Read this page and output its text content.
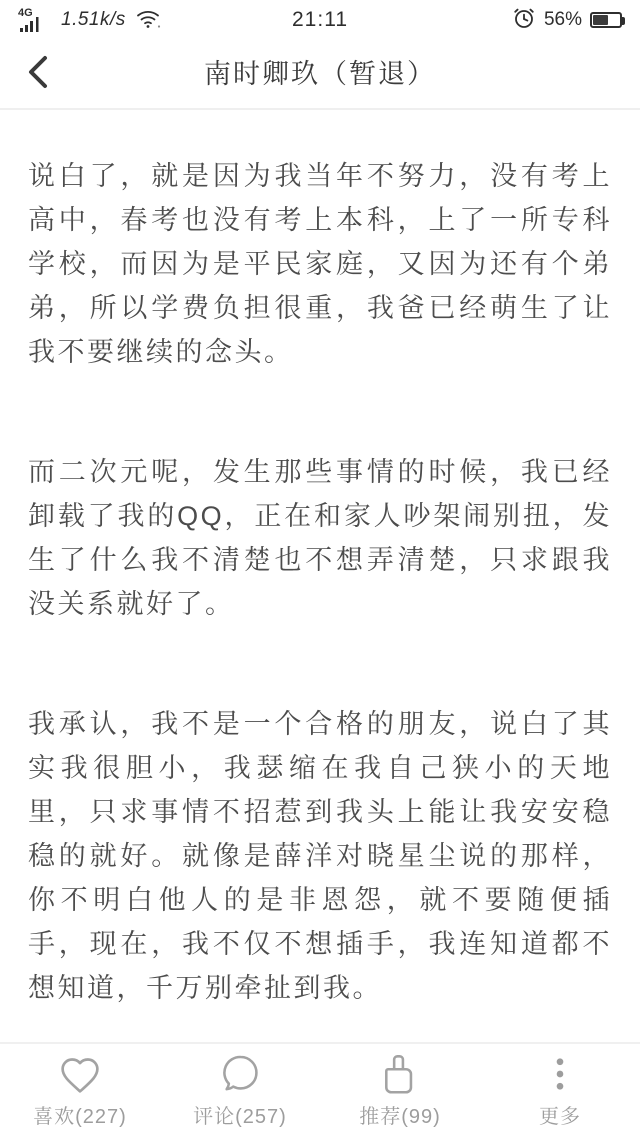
4G 1.51k/s	21:11	56%
南时卿玖（暂退）

说白了，就是因为我当年不努力，没有考上高中，春考也没有考上本科，上了一所专科学校，而因为是平民家庭，又因为还有个弟弟，所以学费负担很重，我爸已经萌生了让我不要继续的念头。

而二次元呢，发生那些事情的时候，我已经卸载了我的QQ，正在和家人吵架闹别扭，发生了什么我不清楚也不想弄清楚，只求跟我没关系就好了。

我承认，我不是一个合格的朋友，说白了其实我很胆小，我瑟缩在我自己狭小的天地里，只求事情不招惹到我头上能让我安安稳稳的就好。就像是薛洋对晓星尘说的那样，你不明白他人的是非恩怨，就不要随便插手，现在，我不仅不想插手，我连知道都不想知道，千万别牵扯到我。

喜欢(227)	评论(257)	推荐(99)	更多
